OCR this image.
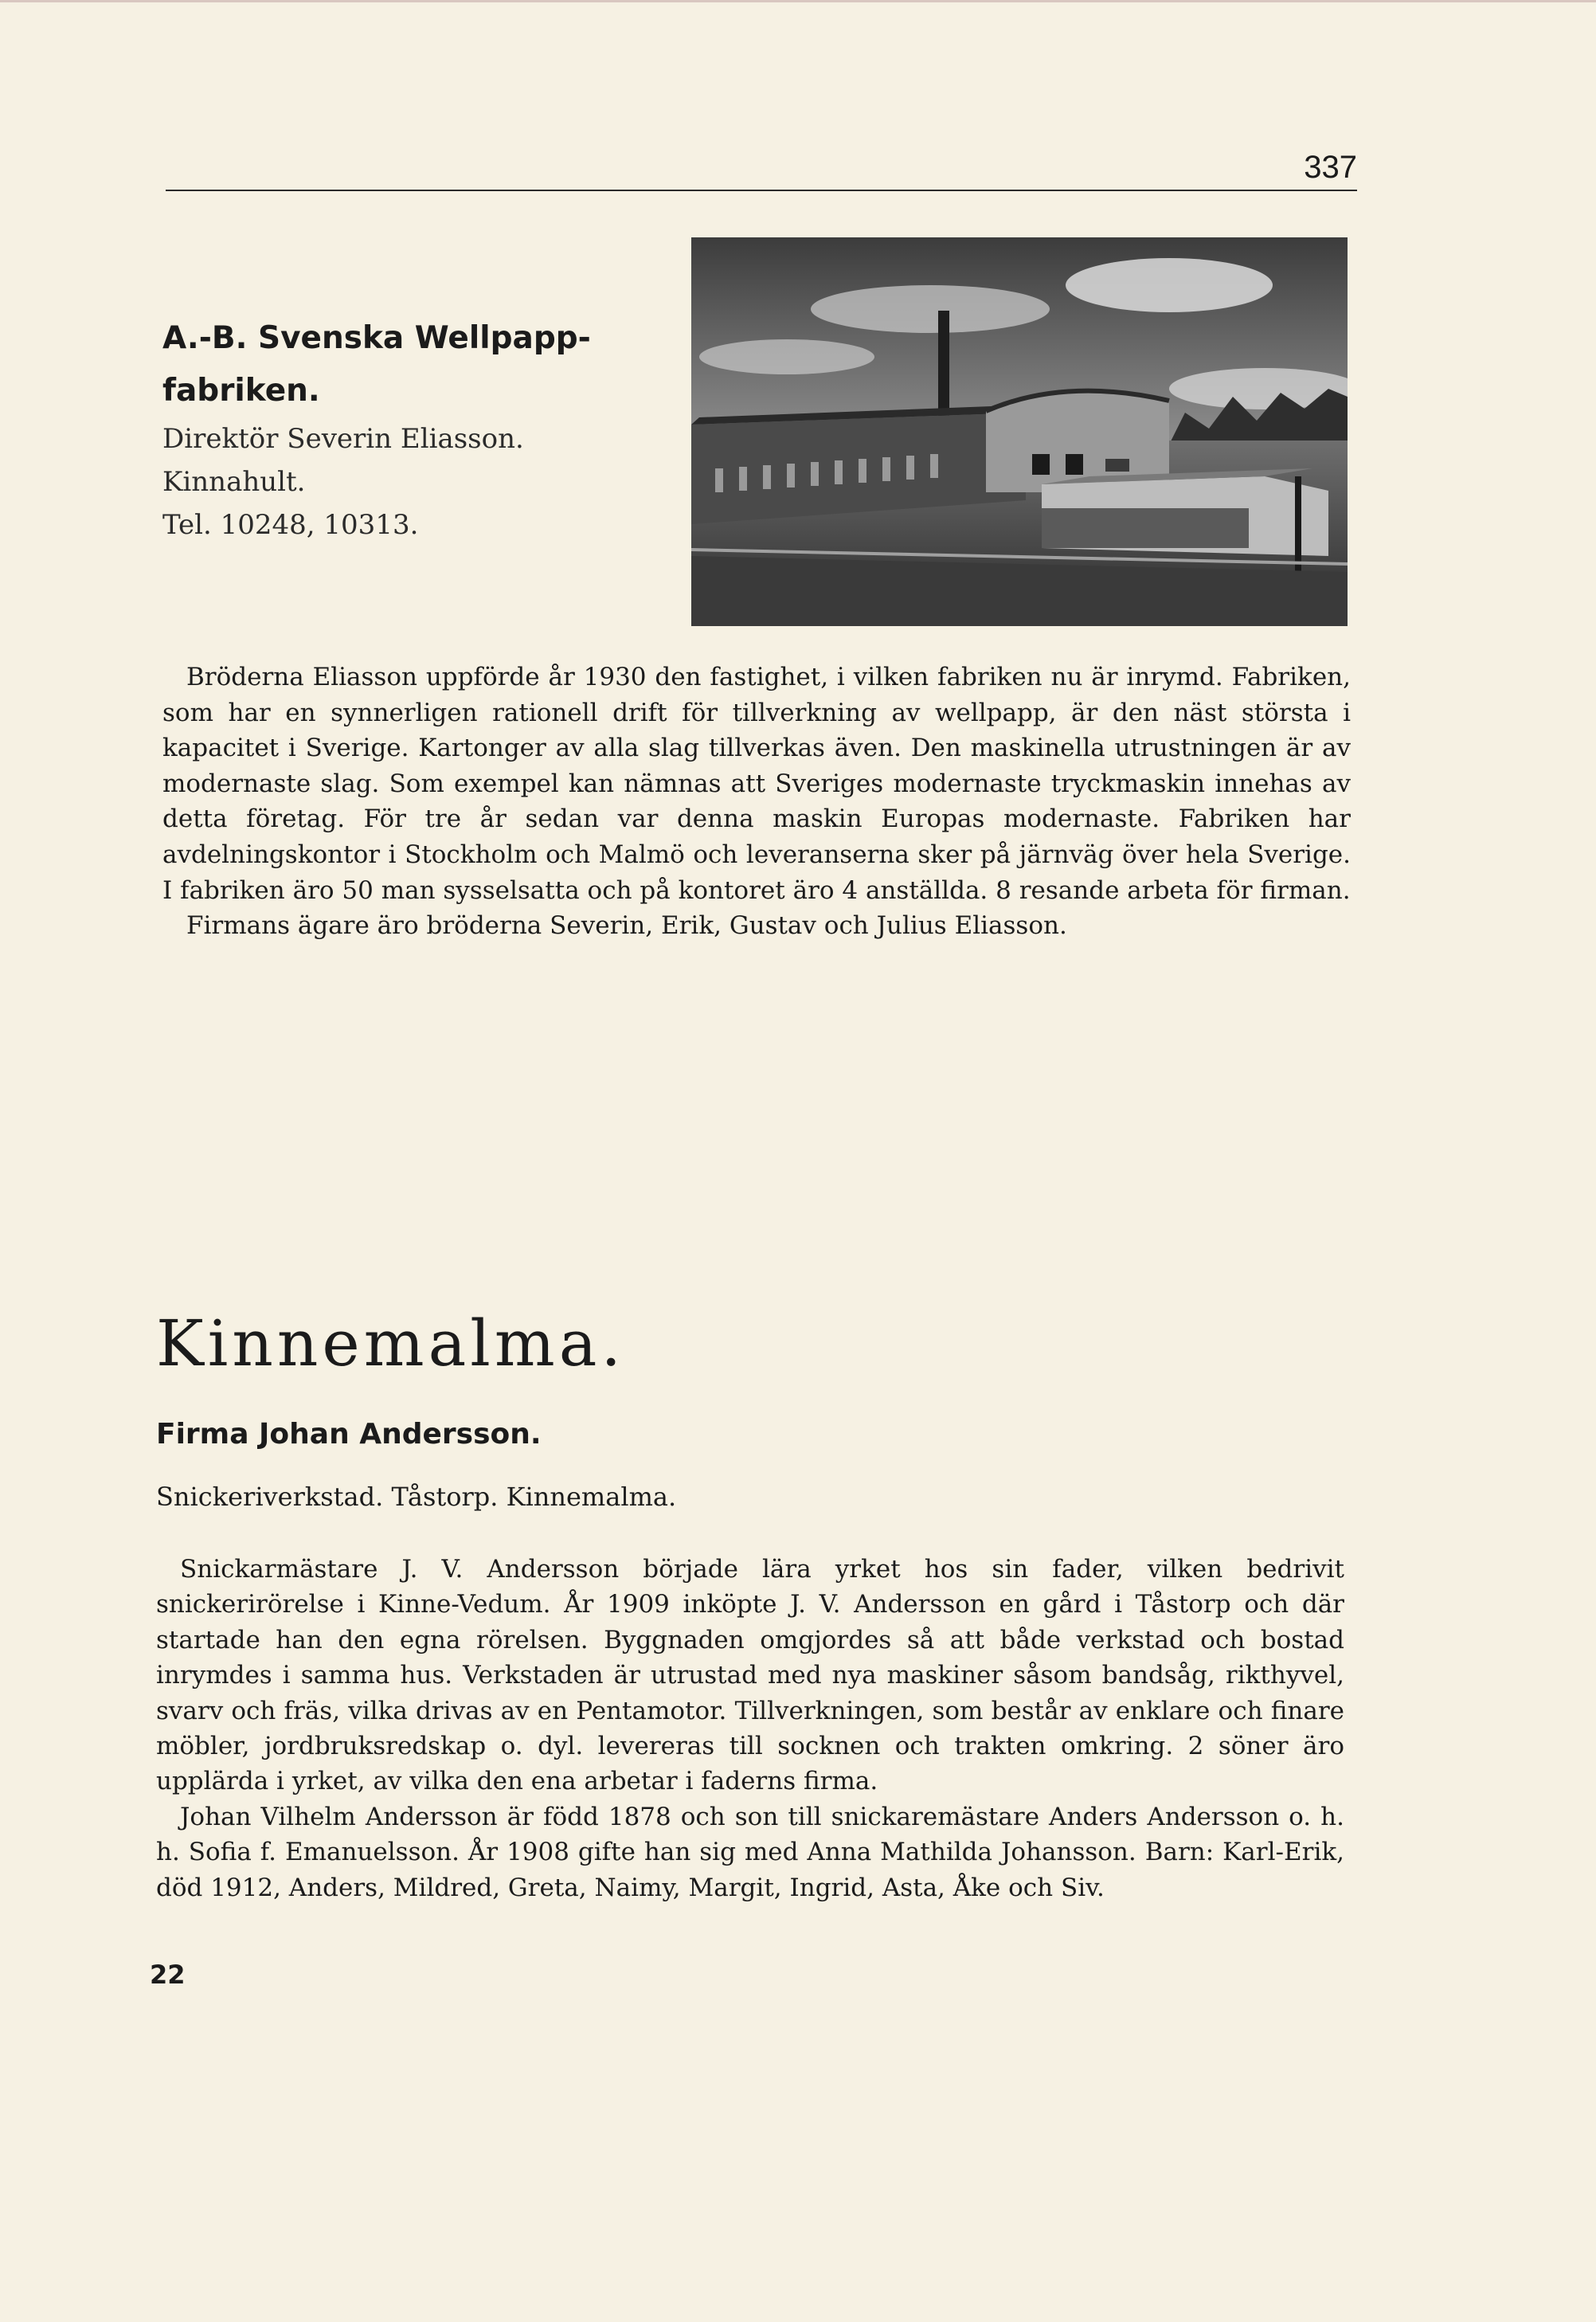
337

A.-B. Svenska Wellpapp-

fabriken.

Direktör Severin Eliasson.

Kinnahult.

Tel. 10248, 10313.

Bröderna Eliasson uppförde år 1930 den fastighet, i vilken fabriken nu är inrymd. Fabriken, som har en synnerligen rationell drift för tillverkning av wellpapp, är den näst största i kapacitet i Sverige. Kartonger av alla slag tillverkas även. Den maskinella utrustningen är av modernaste slag. Som exempel kan nämnas att Sveriges modernaste tryckmaskin innehas av detta företag. För tre år sedan var denna maskin Europas modernaste. Fabriken har avdelningskontor i Stockholm och Malmö och leveranserna sker på järnväg över hela Sverige. I fabriken äro 50 man sysselsatta och på kontoret äro 4 anställda. 8 resande arbeta för firman.

Firmans ägare äro bröderna Severin, Erik, Gustav och Julius Eliasson.

Kinnemalma.
Firma Johan Andersson.

Snickeriverkstad. Tåstorp. Kinnemalma.

Snickarmästare J. V. Andersson började lära yrket hos sin fader, vilken bedrivit snickerirörelse i Kinne-Vedum. År 1909 inköpte J. V. Andersson en gård i Tåstorp och där startade han den egna rörelsen. Byggnaden omgjordes så att både verkstad och bostad inrymdes i samma hus. Verkstaden är utrustad med nya maskiner såsom bandsåg, rikthyvel, svarv och fräs, vilka drivas av en Pentamotor. Tillverkningen, som består av enklare och finare möbler, jordbruksredskap o. dyl. levereras till socknen och trakten omkring. 2 söner äro upplärda i yrket, av vilka den ena arbetar i faderns firma.

Johan Vilhelm Andersson är född 1878 och son till snickaremästare Anders Andersson o. h. h. Sofia f. Emanuelsson. År 1908 gifte han sig med Anna Mathilda Johansson. Barn: Karl-Erik, död 1912, Anders, Mildred, Greta, Naimy, Margit, Ingrid, Asta, Åke och Siv.

22
